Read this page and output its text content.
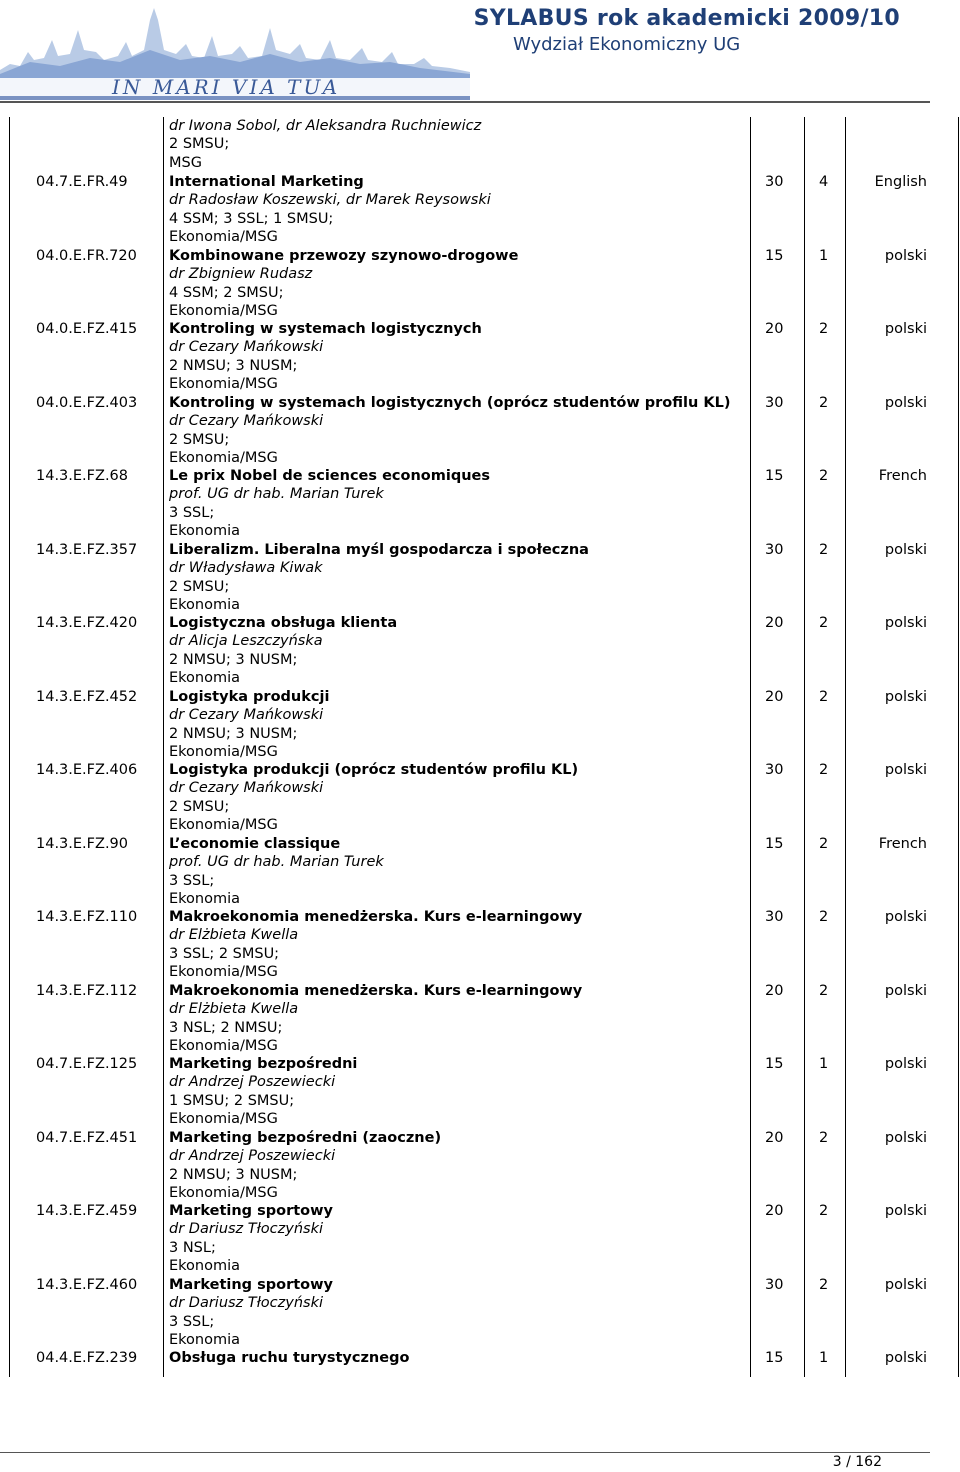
IN MARI VIA TUA
SYLABUS rok akademicki 2009/10
Wydział Ekonomiczny UG
dr Iwona Sobol, dr Aleksandra Ruchniewicz
2 SMSU;
MSG
04.7.E.FR.49	International Marketing
dr Radosław Koszewski, dr Marek Reysowski
4 SSM; 3 SSL; 1 SMSU;
Ekonomia/MSG
30 4	English
04.0.E.FR.720 Kombinowane przewozy szynowo-drogowe
dr Zbigniew Rudasz
4 SSM; 2 SMSU;
Ekonomia/MSG
15 1	polski
04.0.E.FZ.415 Kontroling w systemach logistycznych
dr Cezary Mańkowski
2 NMSU; 3 NUSM;
Ekonomia/MSG
20 2	polski
04.0.E.FZ.403 Kontroling w systemach logistycznych (oprócz studentów profilu KL)
dr Cezary Mańkowski
2 SMSU;
Ekonomia/MSG
30 2	polski
14.3.E.FZ.68	Le prix Nobel de sciences economiques
prof. UG dr hab. Marian Turek
3 SSL;
Ekonomia
15 2	French
14.3.E.FZ.357 Liberalizm. Liberalna myśl gospodarcza i społeczna
dr Władysława Kiwak
2 SMSU;
Ekonomia
30 2	polski
14.3.E.FZ.420 Logistyczna obsługa klienta
dr Alicja Leszczyńska
2 NMSU; 3 NUSM;
Ekonomia
20 2	polski
14.3.E.FZ.452 Logistyka produkcji
dr Cezary Mańkowski
2 NMSU; 3 NUSM;
Ekonomia/MSG
20 2	polski
14.3.E.FZ.406 Logistyka produkcji (oprócz studentów profilu KL)
dr Cezary Mańkowski
2 SMSU;
Ekonomia/MSG
30 2	polski
14.3.E.FZ.90	L’economie classique
prof. UG dr hab. Marian Turek
3 SSL;
Ekonomia
15 2	French
14.3.E.FZ.110 Makroekonomia menedżerska. Kurs e-learningowy
dr Elżbieta Kwella
3 SSL; 2 SMSU;
Ekonomia/MSG
30 2	polski
14.3.E.FZ.112 Makroekonomia menedżerska. Kurs e-learningowy
dr Elżbieta Kwella
3 NSL; 2 NMSU;
Ekonomia/MSG
20 2	polski
04.7.E.FZ.125 Marketing bezpośredni
dr Andrzej Poszewiecki
1 SMSU; 2 SMSU;
Ekonomia/MSG
15 1	polski
04.7.E.FZ.451 Marketing bezpośredni (zaoczne)
dr Andrzej Poszewiecki
2 NMSU; 3 NUSM;
Ekonomia/MSG
20 2	polski
14.3.E.FZ.459 Marketing sportowy
dr Dariusz Tłoczyński
3 NSL;
Ekonomia
20 2	polski
14.3.E.FZ.460 Marketing sportowy
dr Dariusz Tłoczyński
3 SSL;
Ekonomia
30 2	polski
04.4.E.FZ.239 Obsługa ruchu turystycznego	15 1	polski
3 / 162
